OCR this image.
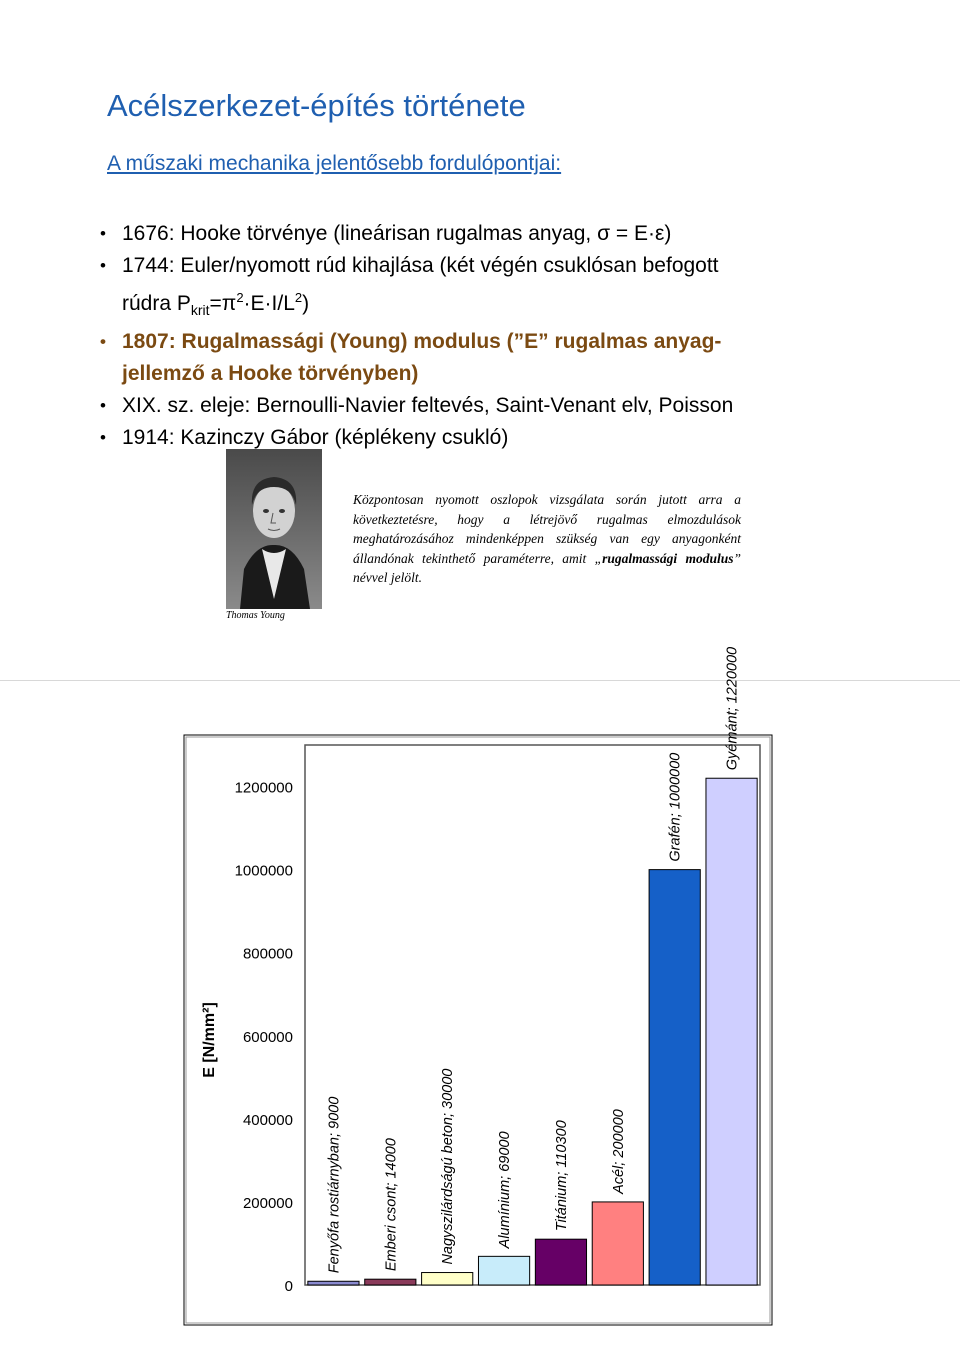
Acélszerkezet-építés története
A műszaki mechanika jelentősebb fordulópontjai:
• 1676: Hooke törvénye (lineárisan rugalmas anyag, σ = E·ε)
• 1744: Euler/nyomott rúd kihajlása (két végén csuklósan befogott
rúdra $P_{krit}=\pi^2\cdot E\cdot I/L^2$)
• 1807: Rugalmassági (Young) modulus (”E” rugalmas anyag-
jellemző a Hooke törvényben)
• XIX. sz. eleje: Bernoulli-Navier feltevés, Saint-Venant elv, Poisson
• 1914: Kazinczy Gábor (képlékeny csukló)
Thomas Young
Központosan nyomott oszlopok vizsgálata során jutott arra a következtetésre, hogy a létrejövő rugalmas elmozdulások meghatározásához mindenképpen szükség van egy anyagonként állandónak tekinthető paraméterre, amit „rugalmassági modulus” névvel jelölt.
0
200000
400000
600000
800000
1000000
1200000
E [N/mm²]
Fenyőfa rostiárnyban; 9000	Emberi csont; 14000	Nagyszilárdságú beton; 30000	Alumínium; 69000	Titánium; 110300	Acél; 200000
Grafén; 1000000
Gyémánt; 1220000
